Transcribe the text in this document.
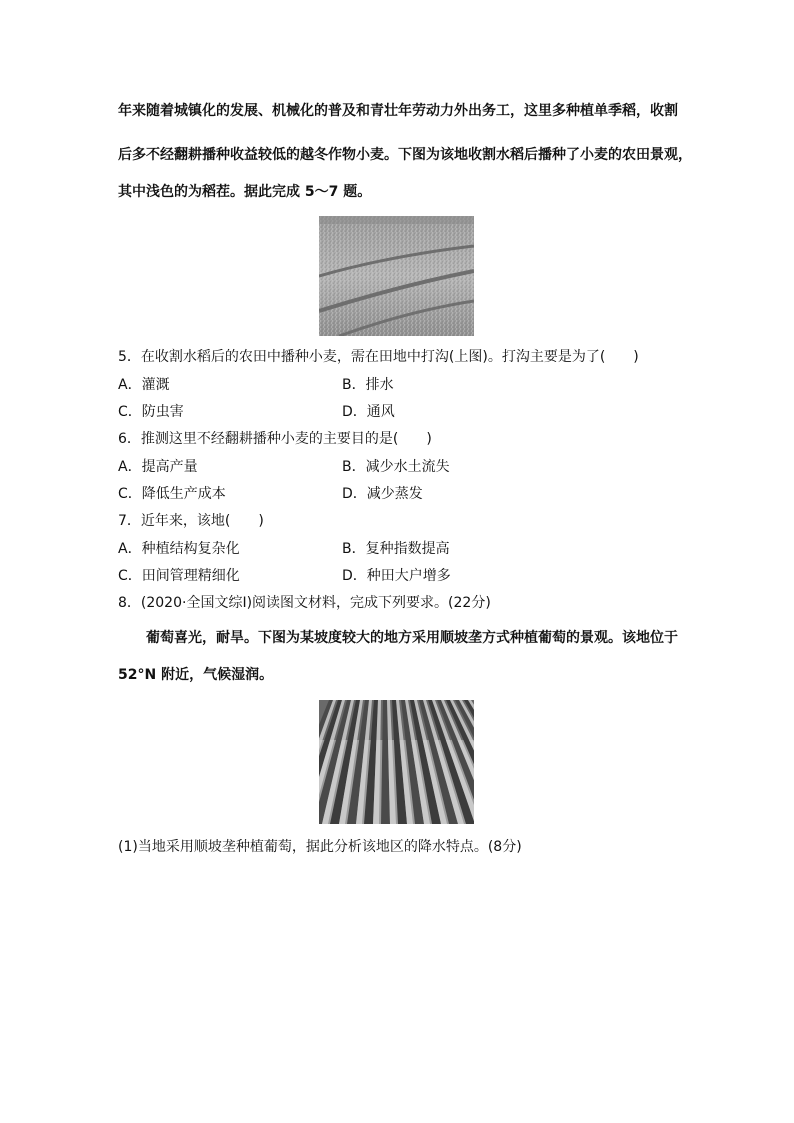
年来随着城镇化的发展、机械化的普及和青壮年劳动力外出务工，这里多种植单季稻，收割
后多不经翻耕播种收益较低的越冬作物小麦。下图为该地收割水稻后播种了小麦的农田景观，
其中浅色的为稻茬。据此完成 5～7 题。
5．在收割水稻后的农田中播种小麦，需在田地中打沟(上图)。打沟主要是为了(　　)
A．灌溉	B．排水
C．防虫害	D．通风
6．推测这里不经翻耕播种小麦的主要目的是(　　)
A．提高产量	B．减少水土流失
C．降低生产成本	D．减少蒸发
7．近年来，该地(　　)
A．种植结构复杂化	B．复种指数提高
C．田间管理精细化	D．种田大户增多
8．(2020·全国文综Ⅰ)阅读图文材料，完成下列要求。(22分)
葡萄喜光，耐旱。下图为某坡度较大的地方采用顺坡垄方式种植葡萄的景观。该地位于
52°N 附近，气候湿润。
(1)当地采用顺坡垄种植葡萄，据此分析该地区的降水特点。(8分)
